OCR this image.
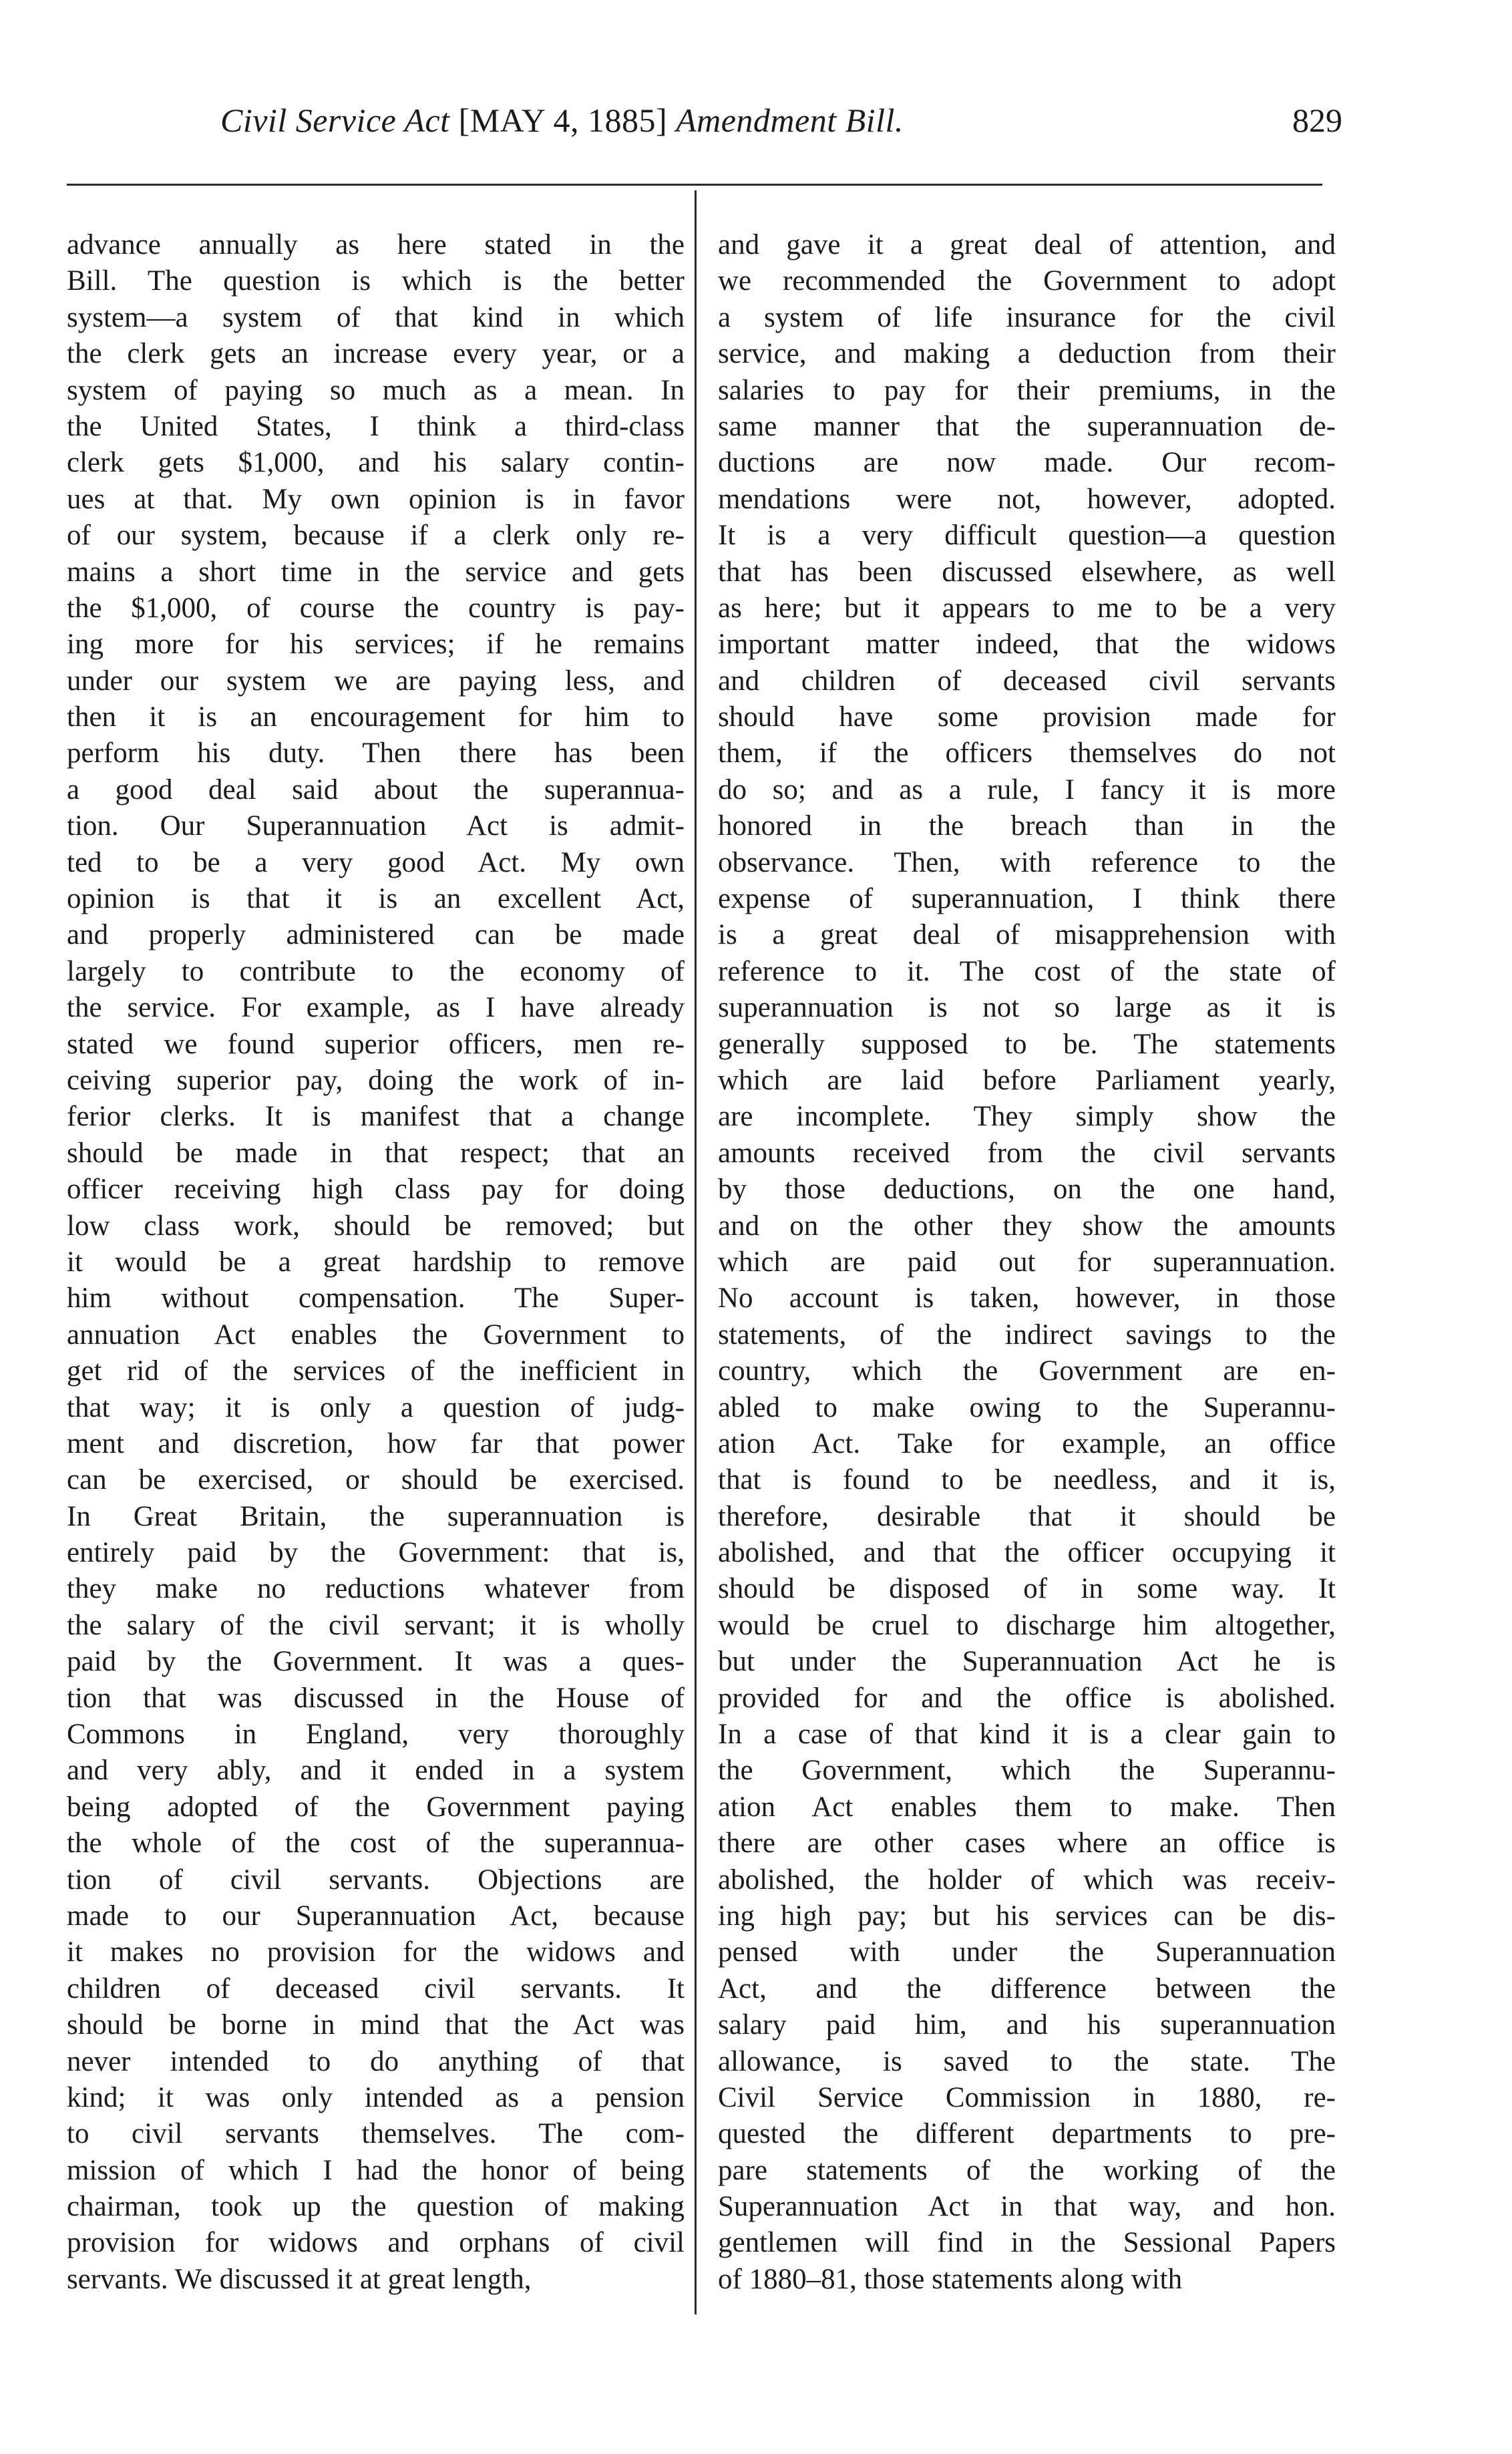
Civil Service Act [MAY 4, 1885] Amendment Bill.	829
advance annually as here stated in the
Bill. The question is which is the better
system—a system of that kind in which
the clerk gets an increase every year, or a
system of paying so much as a mean. In
the United States, I think a third-class
clerk gets $1,000, and his salary contin-
ues at that. My own opinion is in favor
of our system, because if a clerk only re-
mains a short time in the service and gets
the $1,000, of course the country is pay-
ing more for his services; if he remains
under our system we are paying less, and
then it is an encouragement for him to
perform his duty. Then there has been
a good deal said about the superannua-
tion. Our Superannuation Act is admit-
ted to be a very good Act. My own
opinion is that it is an excellent Act,
and properly administered can be made
largely to contribute to the economy of
the service. For example, as I have already
stated we found superior officers, men re-
ceiving superior pay, doing the work of in-
ferior clerks. It is manifest that a change
should be made in that respect; that an
officer receiving high class pay for doing
low class work, should be removed; but
it would be a great hardship to remove
him without compensation. The Super-
annuation Act enables the Government to
get rid of the services of the inefficient in
that way; it is only a question of judg-
ment and discretion, how far that power
can be exercised, or should be exercised.
In Great Britain, the superannuation is
entirely paid by the Government: that is,
they make no reductions whatever from
the salary of the civil servant; it is wholly
paid by the Government. It was a ques-
tion that was discussed in the House of
Commons in England, very thoroughly
and very ably, and it ended in a system
being adopted of the Government paying
the whole of the cost of the superannua-
tion of civil servants. Objections are
made to our Superannuation Act, because
it makes no provision for the widows and
children of deceased civil servants. It
should be borne in mind that the Act was
never intended to do anything of that
kind; it was only intended as a pension
to civil servants themselves. The com-
mission of which I had the honor of being
chairman, took up the question of making
provision for widows and orphans of civil
servants. We discussed it at great length,
and gave it a great deal of attention, and
we recommended the Government to adopt
a system of life insurance for the civil
service, and making a deduction from their
salaries to pay for their premiums, in the
same manner that the superannuation de-
ductions are now made. Our recom-
mendations were not, however, adopted.
It is a very difficult question—a question
that has been discussed elsewhere, as well
as here; but it appears to me to be a very
important matter indeed, that the widows
and children of deceased civil servants
should have some provision made for
them, if the officers themselves do not
do so; and as a rule, I fancy it is more
honored in the breach than in the
observance. Then, with reference to the
expense of superannuation, I think there
is a great deal of misapprehension with
reference to it. The cost of the state of
superannuation is not so large as it is
generally supposed to be. The statements
which are laid before Parliament yearly,
are incomplete. They simply show the
amounts received from the civil servants
by those deductions, on the one hand,
and on the other they show the amounts
which are paid out for superannuation.
No account is taken, however, in those
statements, of the indirect savings to the
country, which the Government are en-
abled to make owing to the Superannu-
ation Act. Take for example, an office
that is found to be needless, and it is,
therefore, desirable that it should be
abolished, and that the officer occupying it
should be disposed of in some way. It
would be cruel to discharge him altogether,
but under the Superannuation Act he is
provided for and the office is abolished.
In a case of that kind it is a clear gain to
the Government, which the Superannu-
ation Act enables them to make. Then
there are other cases where an office is
abolished, the holder of which was receiv-
ing high pay; but his services can be dis-
pensed with under the Superannuation
Act, and the difference between the
salary paid him, and his superannuation
allowance, is saved to the state. The
Civil Service Commission in 1880, re-
quested the different departments to pre-
pare statements of the working of the
Superannuation Act in that way, and hon.
gentlemen will find in the Sessional Papers
of 1880–81, those statements along with
